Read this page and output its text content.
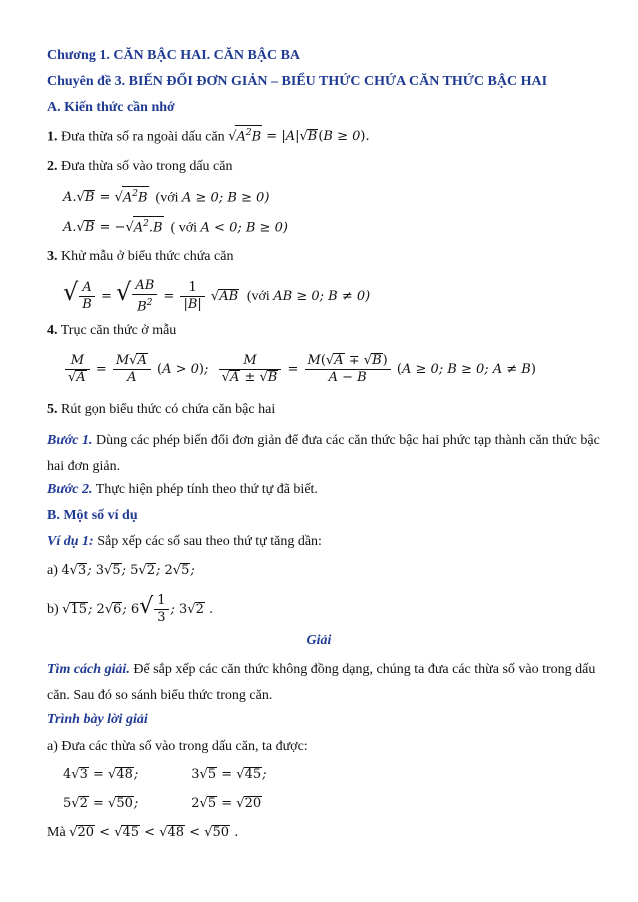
Chương 1. CĂN BẬC HAI. CĂN BẬC BA
Chuyên đề 3. BIẾN ĐỔI ĐƠN GIẢN – BIỂU THỨC CHỨA CĂN THỨC BẬC HAI
A. Kiến thức cần nhớ
1. Đưa thừa số ra ngoài dấu căn $√A^2B = |A|√B(B \ge 0)$.
2. Đưa thừa số vào trong dấu căn
$A.√B = √A^2B$ (với A ≥ 0; B ≥ 0)
$A.√B = -√A^2.B$ ( với A < 0; B ≥ 0)
3. Khử mẫu ở biểu thức chứa căn
√ $\frac{A}{B}$ = √ $\frac{AB}{B^2} = \frac{1}{|B|} √AB$ (với AB ≥ 0; B ≠ 0)
4. Trục căn thức ở mẫu
$\frac{M}{√A} = \frac{M√A}{A} (A > 0)$; $\frac{M}{√A \pm √B} = \frac{M(√A \mp √B)}{A - B} (A \ge 0$; B ≥ 0; A ≠ B)
5. Rút gọn biểu thức có chứa căn bậc hai
Bước 1. Dùng các phép biến đổi đơn giản để đưa các căn thức bậc hai phức tạp thành căn thức bậc hai đơn giản.
Bước 2. Thực hiện phép tính theo thứ tự đã biết.
B. Một số ví dụ
Ví dụ 1: Sắp xếp các số sau theo thứ tự tăng dần:
a) 4√3; 3√5; 5√2; 2√5;
b) √15; 2√6; $6√ \frac{1}{3}$ ; 3√2 .
Giải
Tìm cách giải. Để sắp xếp các căn thức không đồng dạng, chúng ta đưa các thừa số vào trong dấu căn. Sau đó so sánh biểu thức trong căn.
Trình bày lời giải
a) Đưa các thừa số vào trong dấu căn, ta được:
4√3 = √48;	3√5 = √45;
5√2 = √50;	2√5 = √20
Mà √20 < √45 < √48 < √50 .
